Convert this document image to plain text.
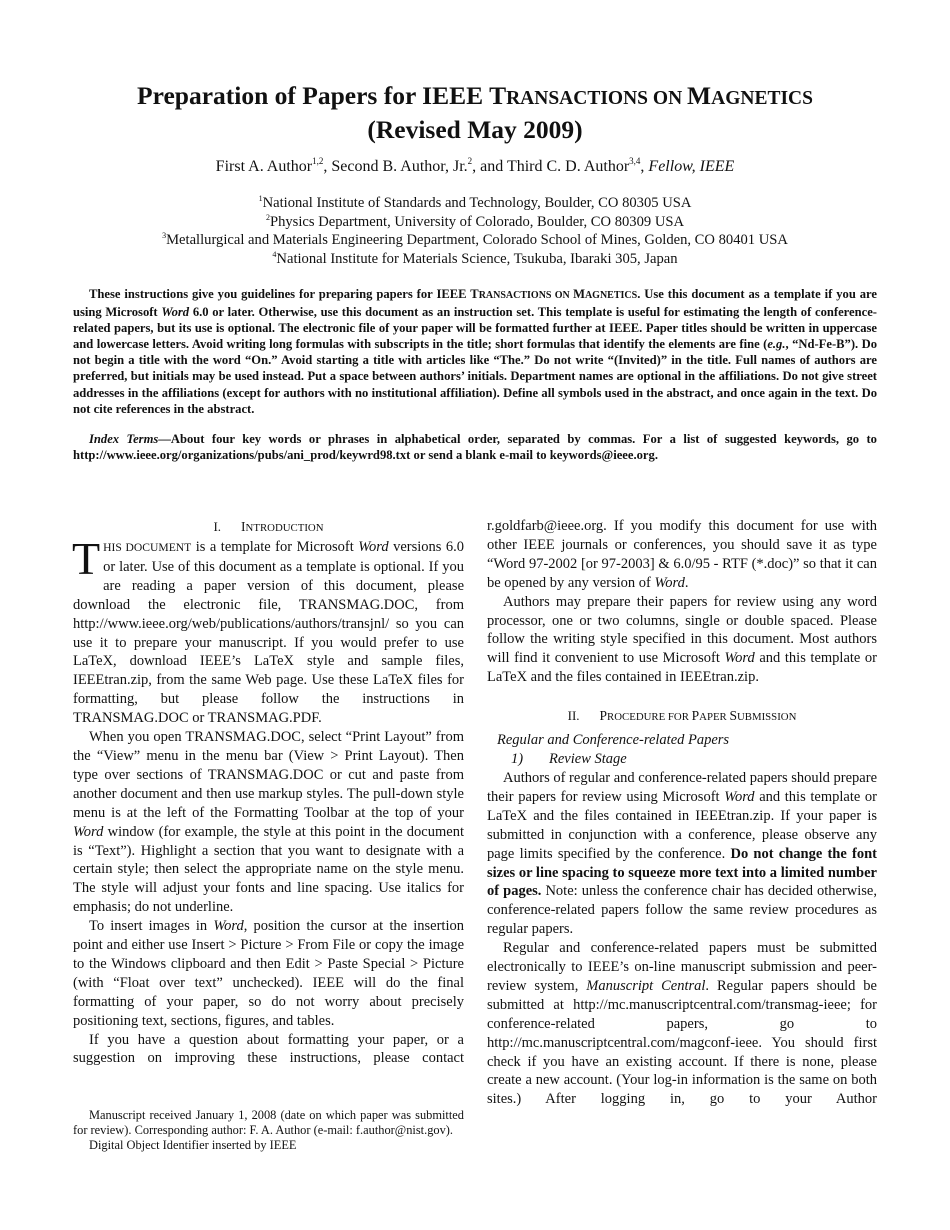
Preparation of Papers for IEEE TRANSACTIONS ON MAGNETICS
(Revised May 2009)
First A. Author$^{1,2}$, Second B. Author, Jr.$^2$, and Third C. D. Author$^{3,4}$, Fellow, IEEE
$^1$National Institute of Standards and Technology, Boulder, CO 80305 USA
$^2$Physics Department, University of Colorado, Boulder, CO 80309 USA
$^3$Metallurgical and Materials Engineering Department, Colorado School of Mines, Golden, CO 80401 USA
$^4$National Institute for Materials Science, Tsukuba, Ibaraki 305, Japan

These instructions give you guidelines for preparing papers for IEEE TRANSACTIONS ON MAGNETICS. Use this document as a template if you are using Microsoft Word 6.0 or later. Otherwise, use this document as an instruction set. This template is useful for estimating the length of conference-related papers, but its use is optional. The electronic file of your paper will be formatted further at IEEE. Paper titles should be written in uppercase and lowercase letters. Avoid writing long formulas with subscripts in the title; short formulas that identify the elements are fine (e.g., “Nd-Fe-B”). Do not begin a title with the word “On.” Avoid starting a title with articles like “The.” Do not write “(Invited)” in the title. Full names of authors are preferred, but initials may be used instead. Put a space between authors’ initials. Department names are optional in the affiliations. Do not give street addresses in the affiliations (except for authors with no institutional affiliation). Define all symbols used in the abstract, and once again in the text. Do not cite references in the abstract.

Index Terms—About four key words or phrases in alphabetical order, separated by commas. For a list of suggested keywords, go to http://www.ieee.org/organizations/pubs/ani_prod/keywrd98.txt or send a blank e-mail to keywords@ieee.org.

I. INTRODUCTION

THIS DOCUMENT is a template for Microsoft Word versions 6.0 or later. Use of this document as a template is optional. If you are reading a paper version of this document, please download the electronic file, TRANSMAG.DOC, from http://www.ieee.org/web/publications/authors/transjnl/ so you can use it to prepare your manuscript. If you would prefer to use LaTeX, download IEEE’s LaTeX style and sample files, IEEEtran.zip, from the same Web page. Use these LaTeX files for formatting, but please follow the instructions in TRANSMAG.DOC or TRANSMAG.PDF.

When you open TRANSMAG.DOC, select “Print Layout” from the “View” menu in the menu bar (View > Print Layout). Then type over sections of TRANSMAG.DOC or cut and paste from another document and then use markup styles. The pull-down style menu is at the left of the Formatting Toolbar at the top of your Word window (for example, the style at this point in the document is “Text”). Highlight a section that you want to designate with a certain style; then select the appropriate name on the style menu. The style will adjust your fonts and line spacing. Use italics for emphasis; do not underline.

To insert images in Word, position the cursor at the insertion point and either use Insert > Picture > From File or copy the image to the Windows clipboard and then Edit > Paste Special > Picture (with “Float over text” unchecked). IEEE will do the final formatting of your paper, so do not worry about precisely positioning text, sections, figures, and tables.

If you have a question about formatting your paper, or a suggestion on improving these instructions, please contact

Manuscript received January 1, 2008 (date on which paper was submitted for review). Corresponding author: F. A. Author (e-mail: f.author@nist.gov).

Digital Object Identifier inserted by IEEE

r.goldfarb@ieee.org. If you modify this document for use with other IEEE journals or conferences, you should save it as type “Word 97-2002 [or 97-2003] & 6.0/95 - RTF (*.doc)” so that it can be opened by any version of Word.

Authors may prepare their papers for review using any word processor, one or two columns, single or double spaced. Please follow the writing style specified in this document. Most authors will find it convenient to use Microsoft Word and this template or LaTeX and the files contained in IEEEtran.zip.

II. PROCEDURE FOR PAPER SUBMISSION

Regular and Conference-related Papers

1) Review Stage

Authors of regular and conference-related papers should prepare their papers for review using Microsoft Word and this template or LaTeX and the files contained in IEEEtran.zip. If your paper is submitted in conjunction with a conference, please observe any page limits specified by the conference. Do not change the font sizes or line spacing to squeeze more text into a limited number of pages. Note: unless the conference chair has decided otherwise, conference-related papers follow the same review procedures as regular papers.

Regular and conference-related papers must be submitted electronically to IEEE’s on-line manuscript submission and peer-review system, Manuscript Central. Regular papers should be submitted at http://mc.manuscriptcentral.com/transmag-ieee; for conference-related papers, go to http://mc.manuscriptcentral.com/magconf-ieee. You should first check if you have an existing account. If there is none, please create a new account. (Your log-in information is the same on both sites.) After logging in, go to your Author
